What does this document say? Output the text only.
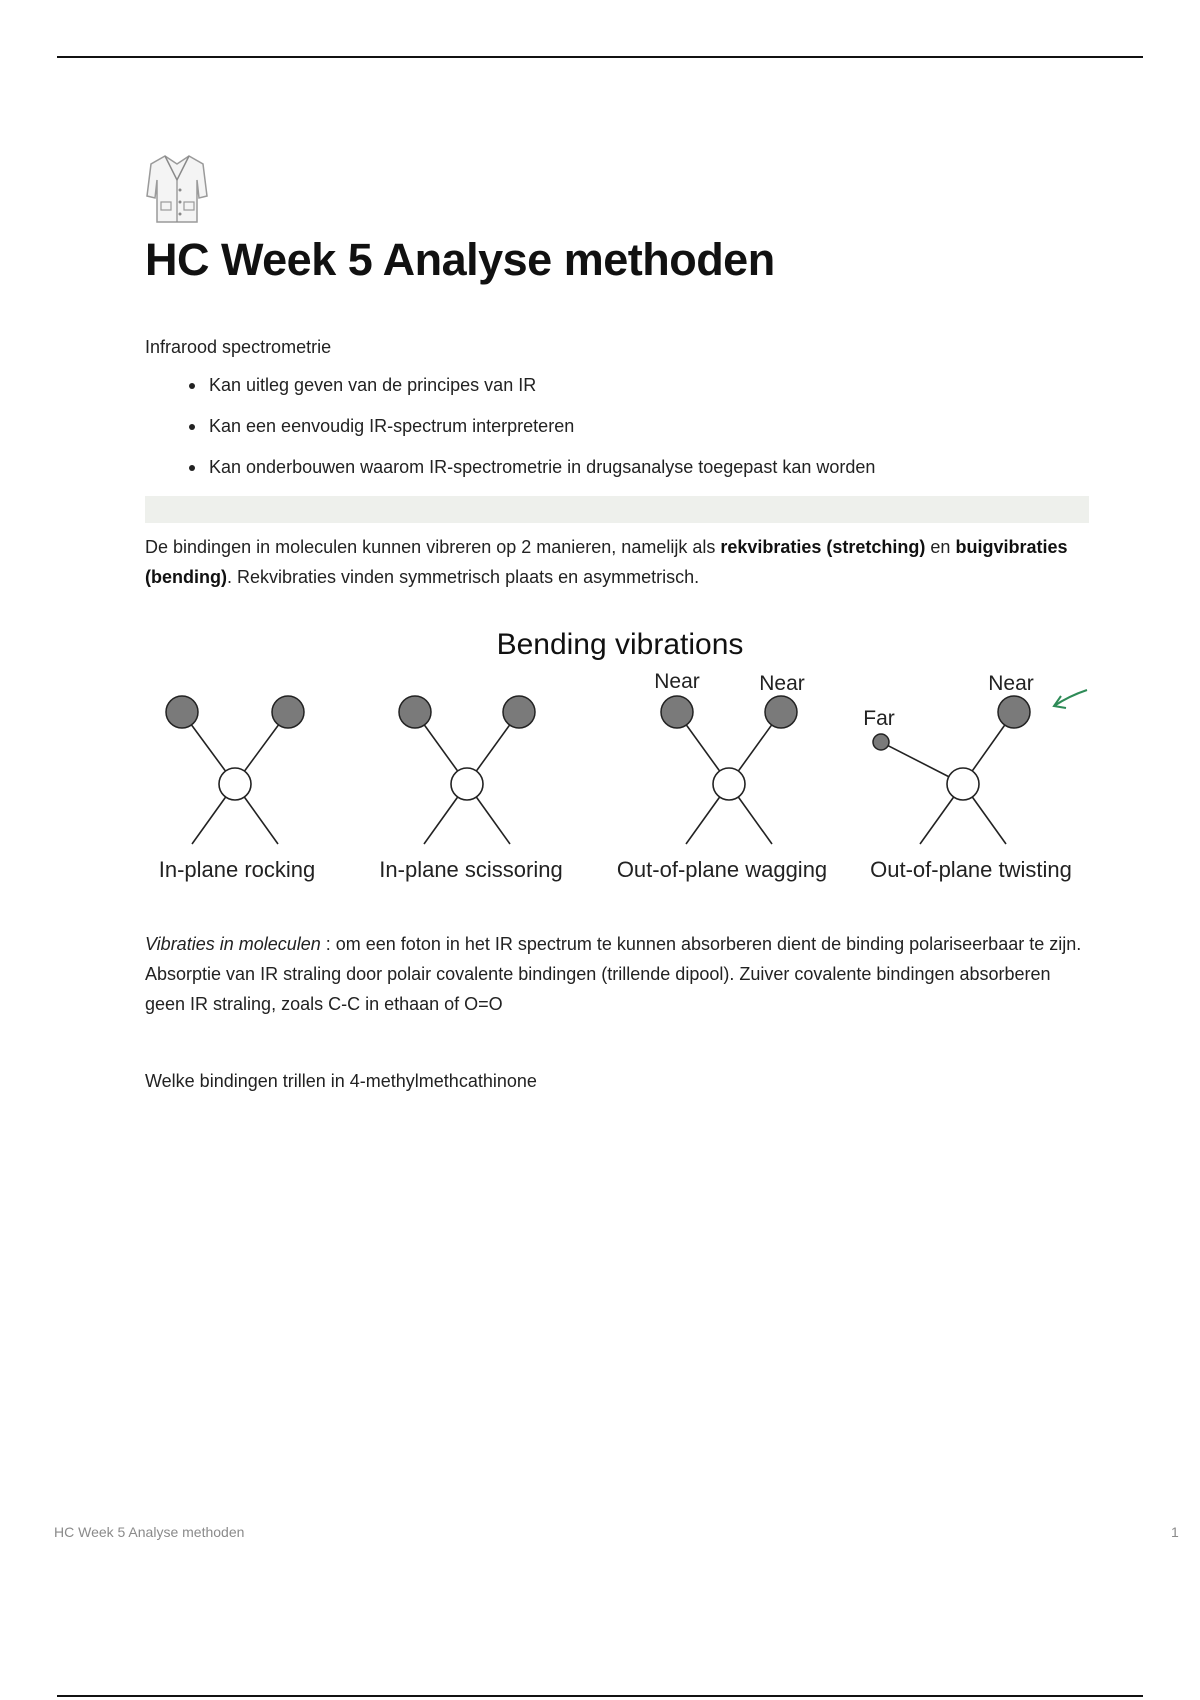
HC Week 5 Analyse methoden
Infrarood spectrometrie
Kan uitleg geven van de principes van IR
Kan een eenvoudig IR-spectrum interpreteren
Kan onderbouwen waarom IR-spectrometrie in drugsanalyse toegepast kan worden
De bindingen in moleculen kunnen vibreren op 2 manieren, namelijk als rekvibraties (stretching) en buigvibraties (bending). Rekvibraties vinden symmetrisch plaats en asymmetrisch.
Bending vibrations
In-plane rocking	In-plane scissoring
Near	Near
Out-of-plane wagging
Far
Near
Out-of-plane twisting
Vibraties in moleculen : om een foton in het IR spectrum te kunnen absorberen dient de binding polariseerbaar te zijn. Absorptie van IR straling door polair covalente bindingen (trillende dipool). Zuiver covalente bindingen absorberen geen IR straling, zoals C-C in ethaan of O=O
Welke bindingen trillen in 4-methylmethcathinone
HC Week 5 Analyse methoden	1
